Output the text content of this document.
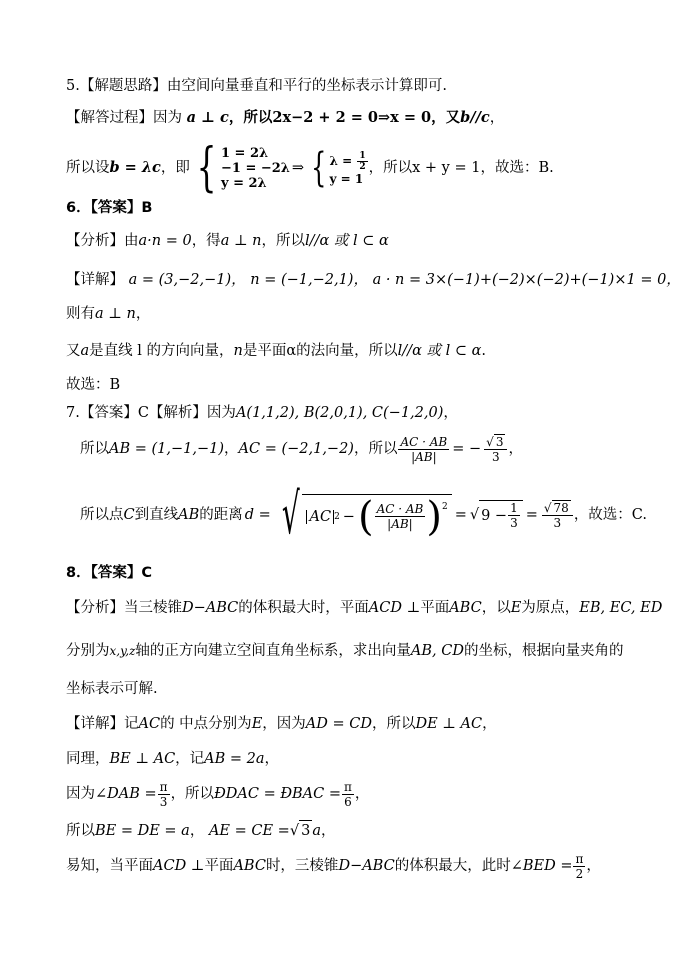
5.【解题思路】由空间向量垂直和平行的坐标表示计算即可.
【解答过程】因为 a ⊥ c，所以2x−2 + 2 = 0⇒x = 0，又b//c，
所以设 b = λc ，即 { 1 = 2λ
−1 = −2λ
y = 2λ
⇒ { $\lambda = \frac{1}{2}$
y = 1
，所以x + y = 1，故选：B.
6．【答案】B
【分析】由a·n = 0，得a ⊥ n，所以l//α 或 l ⊂ α
【详解】 a = (3,−2,−1)， n = (−1,−2,1)， a · n = 3×(−1)+(−2)×(−2)+(−1)×1 = 0，
则有a ⊥ n，
又a是直线 l 的方向向量，n是平面α的法向量，所以l//α 或 l ⊂ α.
故选：B
7.【答案】C【解析】因为A(1,1,2), B(2,0,1), C(−1,2,0)，
所以 AB = (1,−1,−1) ， AC = (−2,1,−2) ，所以 $\frac{AC \cdot AB}{|AB|}$ = − $\frac{√ 3}{3}$ ，
所以点 C 到直线 AB 的距离 d = √ AC 2 − ( $\frac{AC \cdot AB}{|AB|} )^2$
= √ $9 - \frac{1}{3} = \frac{√ 78}{3}$ ，故选：C.
8．【答案】C
【分析】当三棱锥D−ABC的体积最大时，平面ACD ⊥平面ABC，以E为原点，EB, EC, ED
分别为x,y,z轴的正方向建立空间直角坐标系，求出向量AB, CD的坐标，根据向量夹角的
坐标表示可解.
【详解】记AC的 中点分别为E，因为AD = CD，所以DE ⊥ AC，
同理，BE ⊥ AC，记AB = 2a，
因为 ∠DAB = $\frac{\pi}{3}$ ，所以 ÐDAC = ÐBAC = $\frac{\pi}{6}$ ，
所以BE = DE = a， AE = CE =√ 3 a，
易知，当平面 ACD ⊥ 平面 ABC 时，三棱锥 D−ABC 的体积最大，此时 ∠BED = $\frac{\pi}{2}$ ，
